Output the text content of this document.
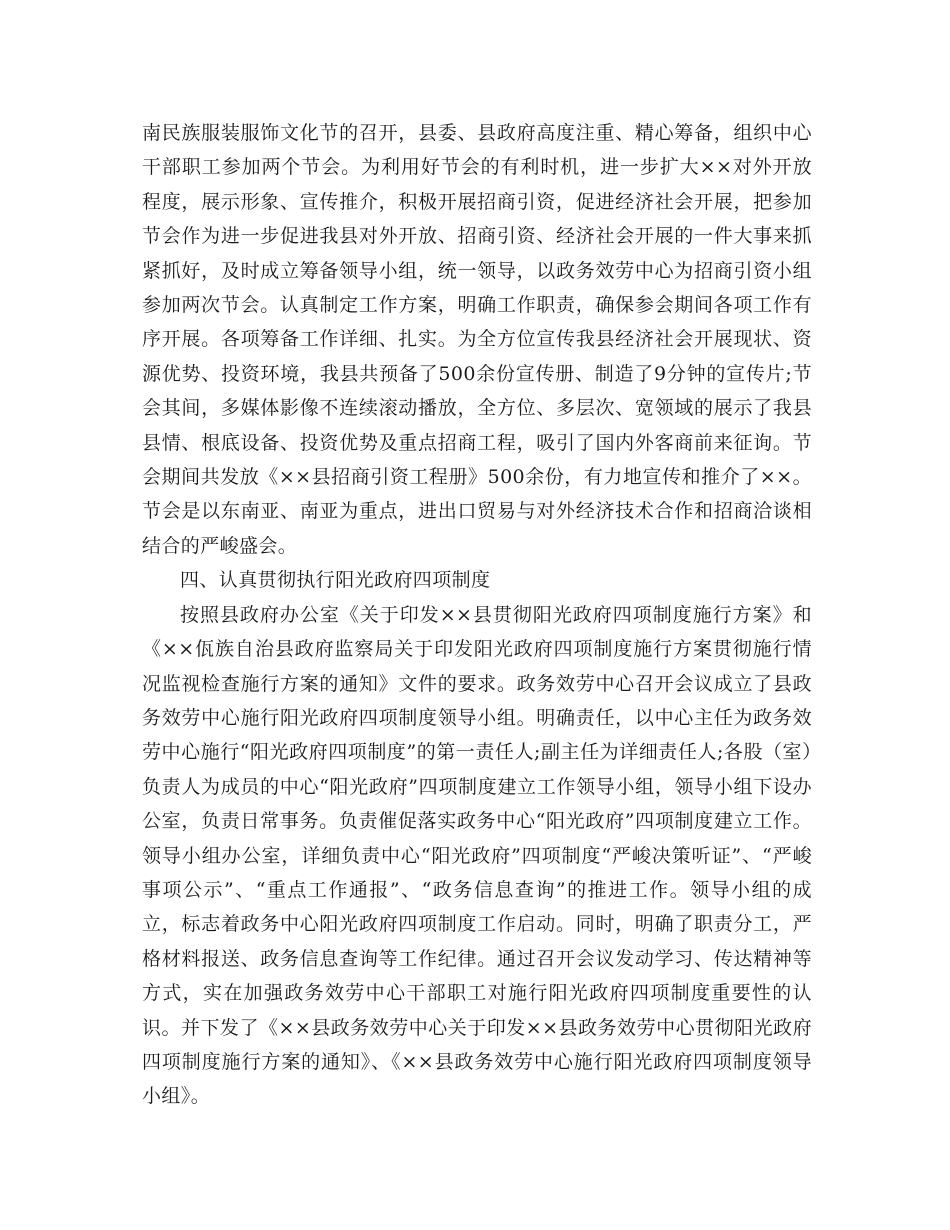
南民族服装服饰文化节的召开，县委、县政府高度注重、精心筹备，组织中心干部职工参加两个节会。为利用好节会的有利时机，进一步扩大××对外开放程度，展示形象、宣传推介，积极开展招商引资，促进经济社会开展，把参加节会作为进一步促进我县对外开放、招商引资、经济社会开展的一件大事来抓紧抓好，及时成立筹备领导小组，统一领导，以政务效劳中心为招商引资小组参加两次节会。认真制定工作方案，明确工作职责，确保参会期间各项工作有序开展。各项筹备工作详细、扎实。为全方位宣传我县经济社会开展现状、资源优势、投资环境，我县共预备了500余份宣传册、制造了9分钟的宣传片;节会其间，多媒体影像不连续滚动播放，全方位、多层次、宽领域的展示了我县县情、根底设备、投资优势及重点招商工程，吸引了国内外客商前来征询。节会期间共发放《××县招商引资工程册》500余份，有力地宣传和推介了××。节会是以东南亚、南亚为重点，进出口贸易与对外经济技术合作和招商洽谈相结合的严峻盛会。

四、认真贯彻执行阳光政府四项制度

按照县政府办公室《关于印发××县贯彻阳光政府四项制度施行方案》和《××佤族自治县政府监察局关于印发阳光政府四项制度施行方案贯彻施行情况监视检查施行方案的通知》文件的要求。政务效劳中心召开会议成立了县政务效劳中心施行阳光政府四项制度领导小组。明确责任，以中心主任为政务效劳中心施行“阳光政府四项制度”的第一责任人;副主任为详细责任人;各股（室）负责人为成员的中心“阳光政府”四项制度建立工作领导小组，领导小组下设办公室，负责日常事务。负责催促落实政务中心“阳光政府”四项制度建立工作。领导小组办公室，详细负责中心“阳光政府”四项制度“严峻决策听证”、“严峻事项公示”、“重点工作通报”、“政务信息查询”的推进工作。领导小组的成立，标志着政务中心阳光政府四项制度工作启动。同时，明确了职责分工，严格材料报送、政务信息查询等工作纪律。通过召开会议发动学习、传达精神等方式，实在加强政务效劳中心干部职工对施行阳光政府四项制度重要性的认识。并下发了《××县政务效劳中心关于印发××县政务效劳中心贯彻阳光政府四项制度施行方案的通知》、《××县政务效劳中心施行阳光政府四项制度领导小组》。
